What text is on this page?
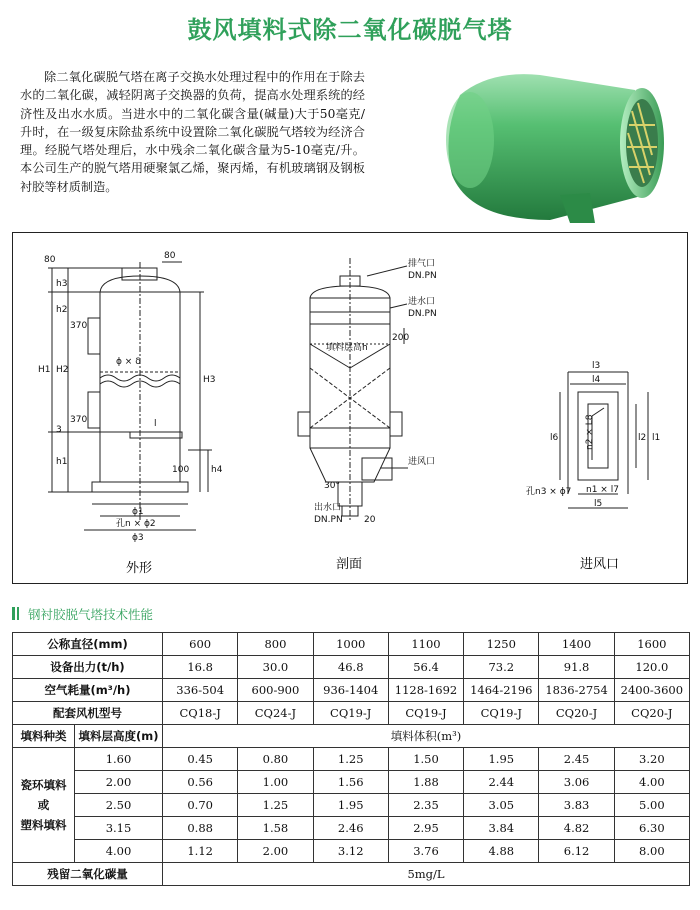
鼓风填料式除二氧化碳脱气塔
除二氧化碳脱气塔在离子交换水处理过程中的作用在于除去水的二氧化碳，减轻阴离子交换器的负荷，提高水处理系统的经济性及出水水质。当进水中的二氧化碳含量(碱量)大于50毫克/升时，在一级复床除盐系统中设置除二氧化碳脱气塔较为经济合理。经脱气塔处理后，水中残余二氧化碳含量为5-10毫克/升。本公司生产的脱气塔用硬聚氯乙烯，聚丙烯，有机玻璃钢及钢板衬胶等材质制造。
80	80
h3
h2
370
ϕ × δ
H1 H2
H3
370	l
3
h1
100 h4
ϕ1
孔n × ϕ2
ϕ3
外形
排气口
DN.PN
进水口
DN.PN
200
填料层高h
进风口
30°
出水口
DN.PN 20
剖面
l3
l4
l6	n2 × L8	l2 l1
n1 × l7
l5
孔n3 × ϕ7
进风口
钢衬胶脱气塔技术性能
公称直径(mm)		600	800	1000	1100	1250	1400	1600
设备出力(t/h)		16.8	30.0	46.8	56.4	73.2	91.8	120.0
空气耗量(m³/h)		336-504	600-900	936-1404	1128-1692	1464-2196	1836-2754	2400-3600
配套风机型号		CQ18-J	CQ24-J	CQ19-J	CQ19-J	CQ19-J	CQ20-J	CQ20-J
填料种类	填料层高度(m)	填料体积(m³)						

瓷环填料
或
塑料填料	1.60	0.45	0.80	1.25	1.50	1.95	2.45	3.20
	2.00	0.56	1.00	1.56	1.88	2.44	3.06	4.00
	2.50	0.70	1.25	1.95	2.35	3.05	3.83	5.00
	3.15	0.88	1.58	2.46	2.95	3.84	4.82	6.30
	4.00	1.12	2.00	3.12	3.76	4.88	6.12	8.00
残留二氧化碳量		5mg/L						
